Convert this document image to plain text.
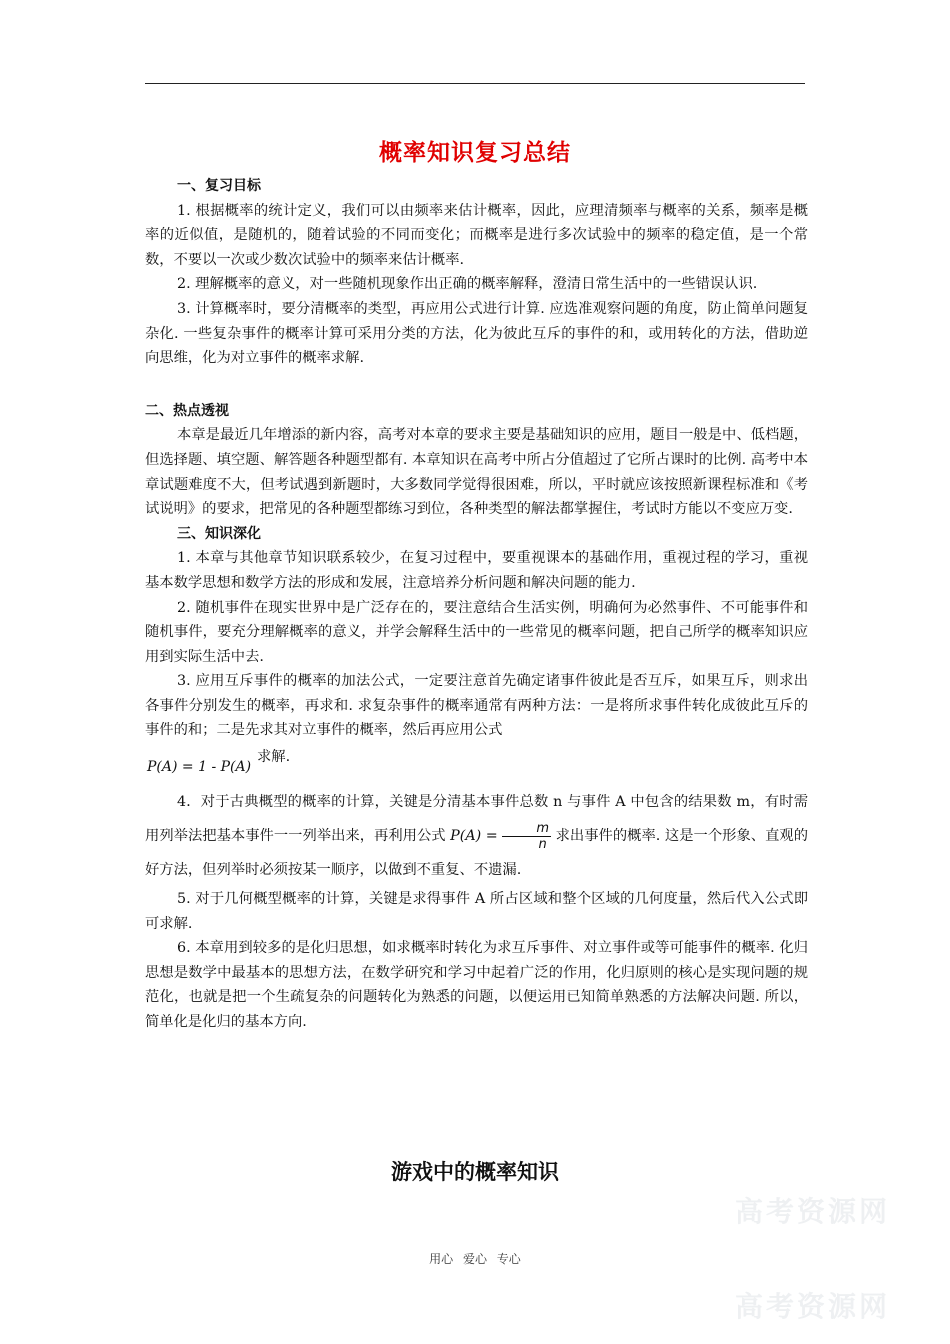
概率知识复习总结
一、复习目标

1. 根据概率的统计定义，我们可以由频率来估计概率，因此，应理清频率与概率的关系，频率是概率的近似值，是随机的，随着试验的不同而变化；而概率是进行多次试验中的频率的稳定值，是一个常数，不要以一次或少数次试验中的频率来估计概率.

2. 理解概率的意义，对一些随机现象作出正确的概率解释，澄清日常生活中的一些错误认识.

3. 计算概率时，要分清概率的类型，再应用公式进行计算. 应选准观察问题的角度，防止简单问题复杂化. 一些复杂事件的概率计算可采用分类的方法，化为彼此互斥的事件的和，或用转化的方法，借助逆向思维，化为对立事件的概率求解.

二、热点透视

本章是最近几年增添的新内容，高考对本章的要求主要是基础知识的应用，题目一般是中、低档题，但选择题、填空题、解答题各种题型都有. 本章知识在高考中所占分值超过了它所占课时的比例. 高考中本章试题难度不大，但考试遇到新题时，大多数同学觉得很困难，所以，平时就应该按照新课程标准和《考试说明》的要求，把常见的各种题型都练习到位，各种类型的解法都掌握住，考试时方能以不变应万变.

三、知识深化

1. 本章与其他章节知识联系较少，在复习过程中，要重视课本的基础作用，重视过程的学习，重视基本数学思想和数学方法的形成和发展，注意培养分析问题和解决问题的能力.

2. 随机事件在现实世界中是广泛存在的，要注意结合生活实例，明确何为必然事件、不可能事件和随机事件，要充分理解概率的意义，并学会解释生活中的一些常见的概率问题，把自己所学的概率知识应用到实际生活中去.

3. 应用互斥事件的概率的加法公式，一定要注意首先确定诸事件彼此是否互斥，如果互斥，则求出各事件分别发生的概率，再求和. 求复杂事件的概率通常有两种方法：一是将所求事件转化成彼此互斥的事件的和；二是先求其对立事件的概率，然后再应用公式

P(A) = 1 - P(A)
求解.

4．对于古典概型的概率的计算，关键是分清基本事件总数 n 与事件 A 中包含的结果数 m，有时需用列举法把基本事件一一列举出来，再利用公式 $P(A) = \frac{m}{n}$ 求出事件的概率. 这是一个形象、直观的好方法，但列举时必须按某一顺序，以做到不重复、不遗漏.

5. 对于几何概型概率的计算，关键是求得事件 A 所占区域和整个区域的几何度量，然后代入公式即可求解.

6. 本章用到较多的是化归思想，如求概率时转化为求互斥事件、对立事件或等可能事件的概率. 化归思想是数学中最基本的思想方法，在数学研究和学习中起着广泛的作用，化归原则的核心是实现问题的规范化，也就是把一个生疏复杂的问题转化为熟悉的问题，以便运用已知简单熟悉的方法解决问题. 所以，简单化是化归的基本方向.

游戏中的概率知识
用心 爱心 专心
高考资源网
高考资源网
